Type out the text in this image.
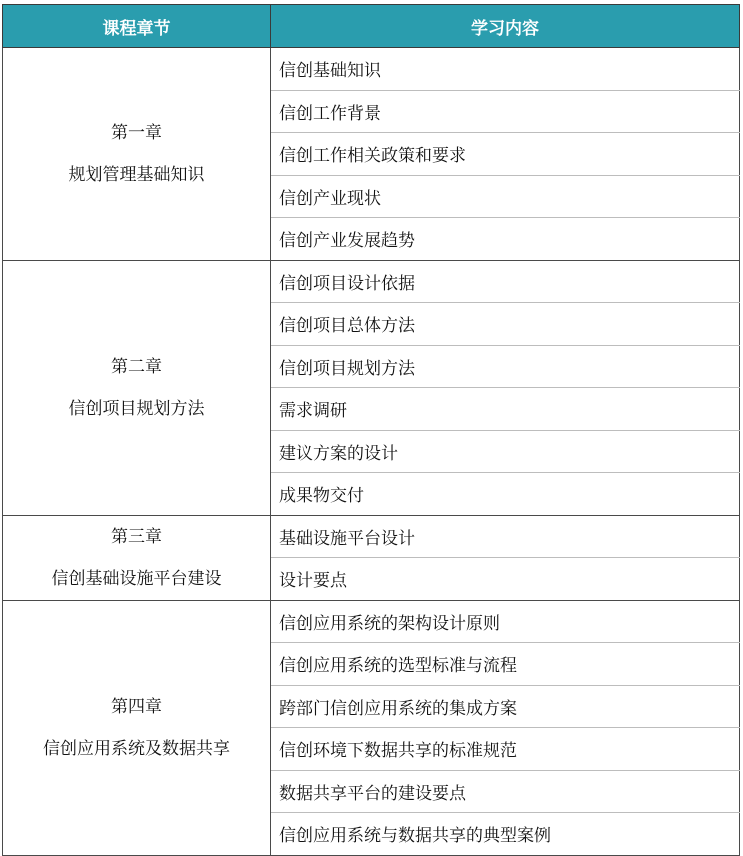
课程章节	学习内容

第一章
规划管理基础知识	信创基础知识
	信创工作背景
	信创工作相关政策和要求
	信创产业现状
	信创产业发展趋势

第二章
信创项目规划方法	信创项目设计依据
	信创项目总体方法
	信创项目规划方法
	需求调研
	建议方案的设计
	成果物交付

第三章
信创基础设施平台建设	基础设施平台设计
	设计要点

第四章
信创应用系统及数据共享	信创应用系统的架构设计原则
	信创应用系统的选型标准与流程
	跨部门信创应用系统的集成方案
	信创环境下数据共享的标准规范
	数据共享平台的建设要点
	信创应用系统与数据共享的典型案例
